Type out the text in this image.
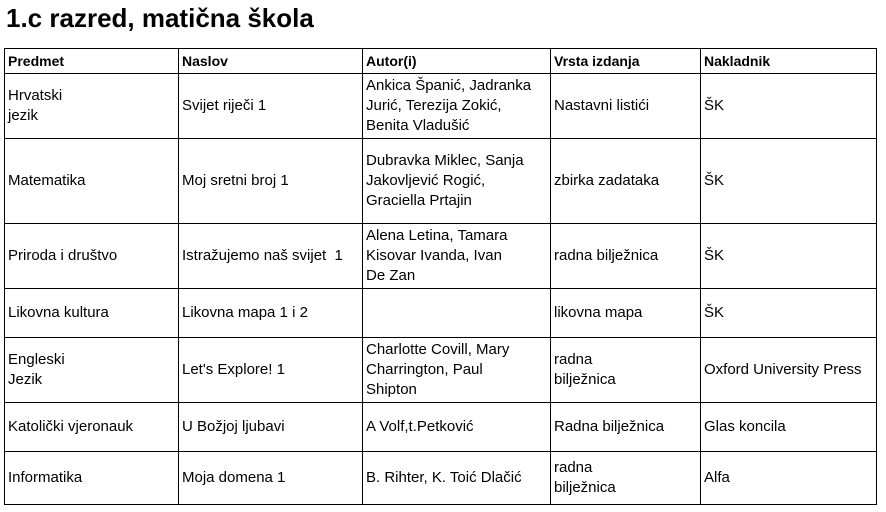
1.c razred, matična škola
Predmet	Naslov	Autor(i)	Vrsta izdanja	Nakladnik

Hrvatski
jezik	Svijet riječi 1	Ankica Španić, Jadranka
Jurić, Terezija Zokić,
Benita Vladušić	Nastavni listići	ŠK

Matematika	Moj sretni broj 1	Dubravka Miklec, Sanja
Jakovljević Rogić,
Graciella Prtajin	zbirka zadataka	ŠK

Priroda i društvo	Istražujemo naš svijet  1	Alena Letina, Tamara
Kisovar Ivanda, Ivan
De Zan	radna bilježnica	ŠK

Likovna kultura	Likovna mapa 1 i 2		likovna mapa	ŠK

Engleski
Jezik	Let's Explore! 1	Charlotte Covill, Mary
Charrington, Paul
Shipton	radna
bilježnica	Oxford University Press

Katolički vjeronauk	U Božjoj ljubavi	A Volf,t.Petković	Radna bilježnica	Glas koncila

Informatika	Moja domena 1	B. Rihter, K. Toić Dlačić	radna
bilježnica	Alfa
